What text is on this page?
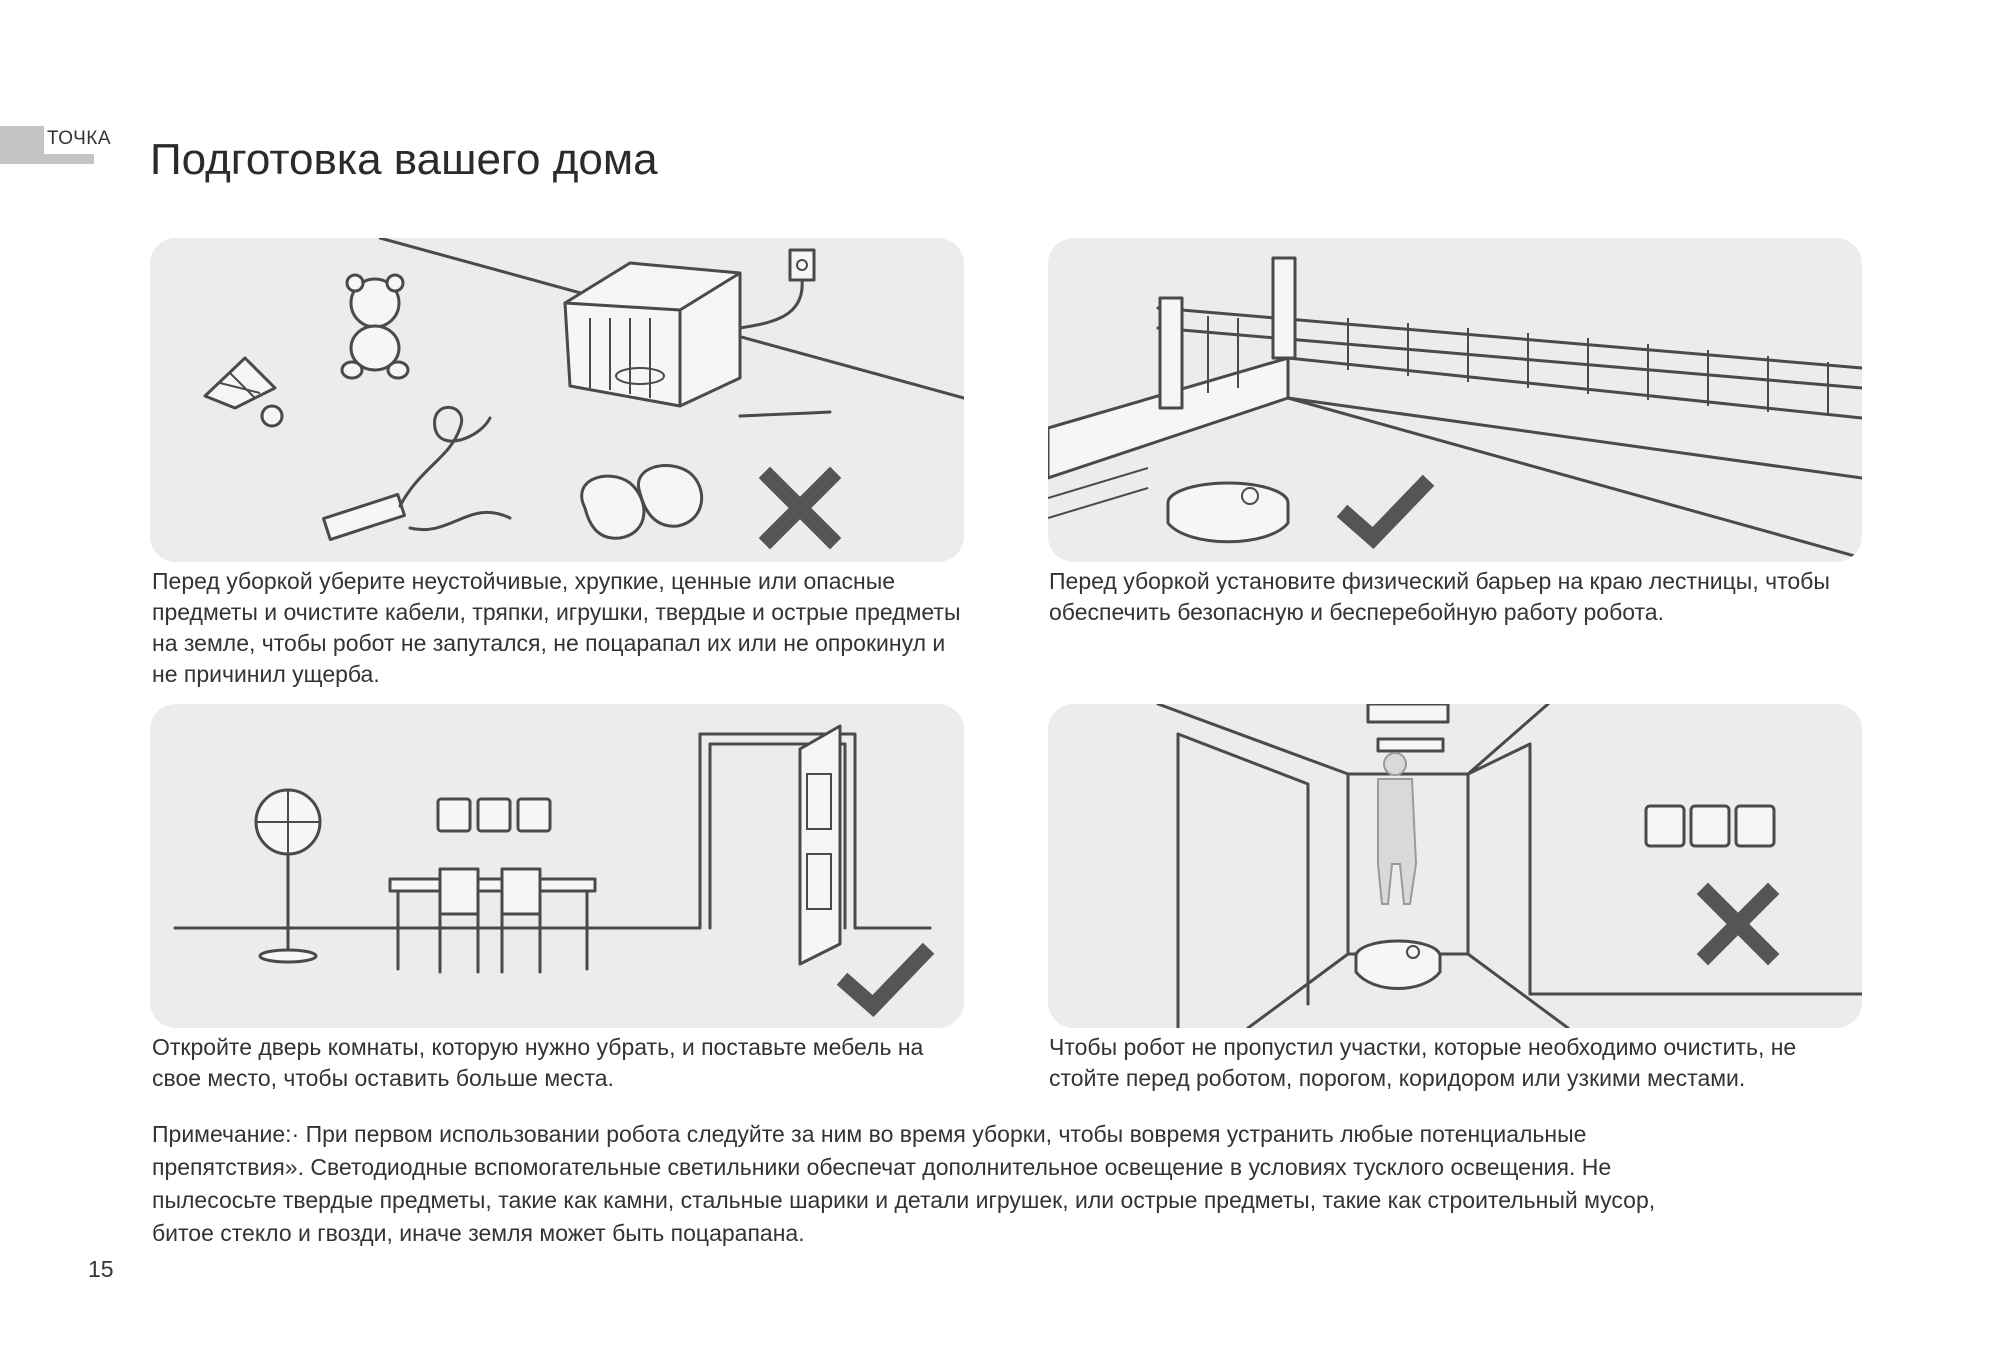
ТОЧКА Подготовка вашего дома

Перед уборкой уберите неустойчивые, хрупкие, ценные или опасные предметы и очистите кабели, тряпки, игрушки, твердые и острые предметы на земле, чтобы робот не запутался, не поцарапал их или не опрокинул и не причинил ущерба.

Перед уборкой установите физический барьер на краю лестницы, чтобы обеспечить безопасную и бесперебойную работу робота.

Откройте дверь комнаты, которую нужно убрать, и поставьте мебель на свое место, чтобы оставить больше места.

Чтобы робот не пропустил участки, которые необходимо очистить, не стойте перед роботом, порогом, коридором или узкими местами.

Примечание:· При первом использовании робота следуйте за ним во время уборки, чтобы вовремя устранить любые потенциальные препятствия». Светодиодные вспомогательные светильники обеспечат дополнительное освещение в условиях тусклого освещения. Не пылесосьте твердые предметы, такие как камни, стальные шарики и детали игрушек, или острые предметы, такие как строительный мусор, битое стекло и гвозди, иначе земля может быть поцарапана.

15
